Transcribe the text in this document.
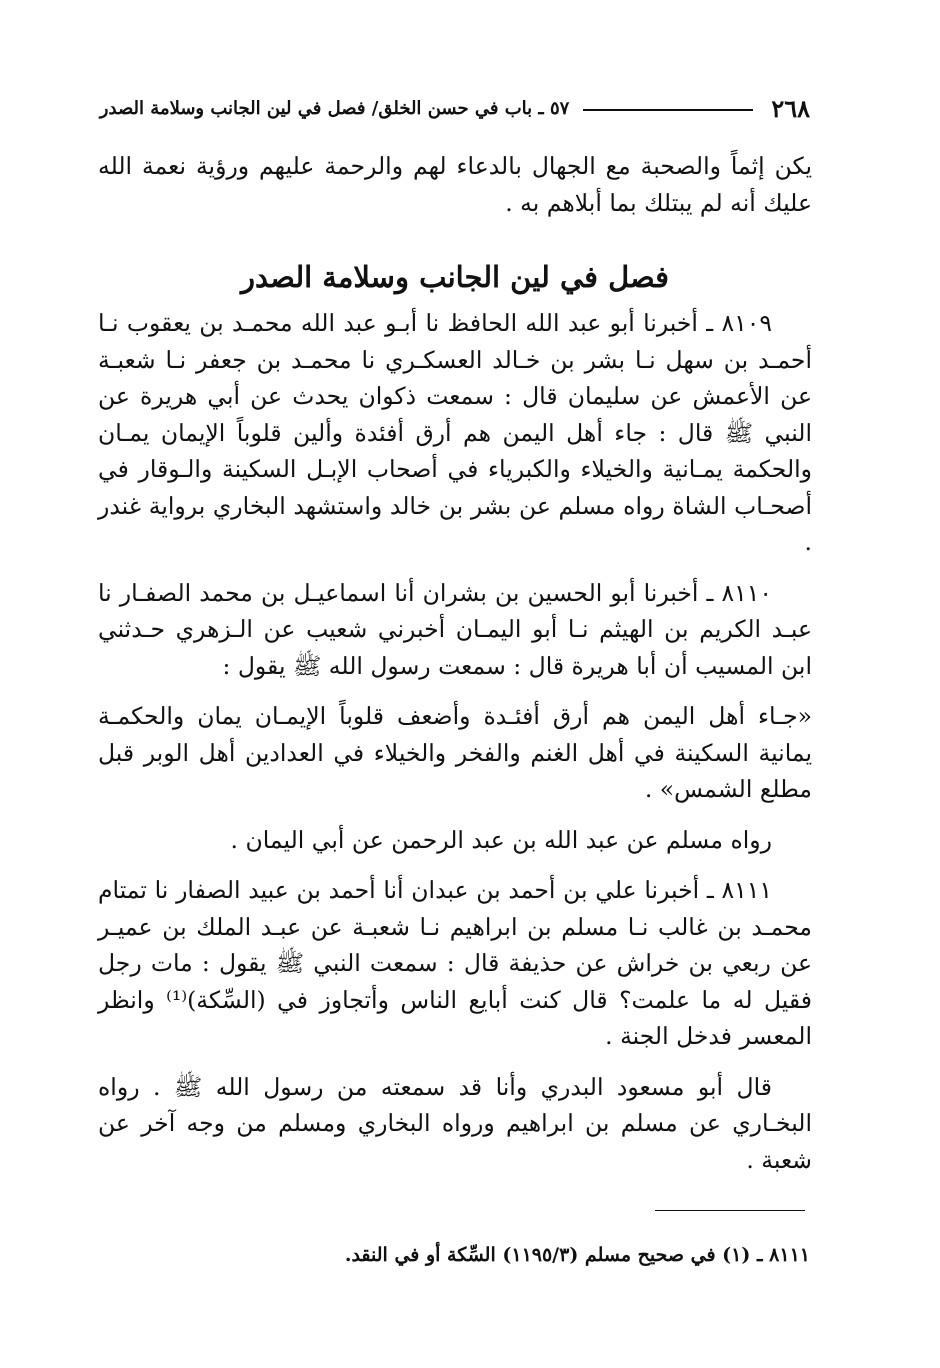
٢٦٨
٥٧ ـ باب في حسن الخلق/ فصل في لين الجانب وسلامة الصدر

يكن إثماً والصحبة مع الجهال بالدعاء لهم والرحمة عليهم ورؤية نعمة الله عليك أنه لم يبتلك بما أبلاهم به .

فصل في لين الجانب وسلامة الصدر

٨١٠٩ ـ أخبرنا أبو عبد الله الحافظ نا أبـو عبد الله محمـد بن يعقوب نـا أحمـد بن سهل نـا بشر بن خـالد العسكـري نا محمـد بن جعفر نـا شعبـة عن الأعمش عن سليمان قال : سمعت ذكوان يحدث عن أبي هريرة عن النبي ﷺ قال : جاء أهل اليمن هم أرق أفئدة وألين قلوباً الإيمان يمـان والحكمة يمـانية والخيلاء والكبرياء في أصحاب الإبـل السكينة والـوقار في أصحـاب الشاة رواه مسلم عن بشر بن خالد واستشهد البخاري برواية غندر .

٨١١٠ ـ أخبرنا أبو الحسين بن بشران أنا اسماعيـل بن محمد الصفـار نا عبـد الكريم بن الهيثم نـا أبو اليمـان أخبرني شعيب عن الـزهري حـدثني ابن المسيب أن أبا هريرة قال : سمعت رسول الله ﷺ يقول :

«جـاء أهل اليمن هم أرق أفئـدة وأضعف قلوباً الإيمـان يمان والحكمـة يمانية السكينة في أهل الغنم والفخر والخيلاء في العدادين أهل الوبر قبل مطلع الشمس» .

رواه مسلم عن عبد الله بن عبد الرحمن عن أبي اليمان .

٨١١١ ـ أخبرنا علي بن أحمد بن عبدان أنا أحمد بن عبيد الصفار نا تمتام محمـد بن غالب نـا مسلم بن ابراهيم نـا شعبـة عن عبـد الملك بن عميـر عن ربعي بن خراش عن حذيفة قال : سمعت النبي ﷺ يقول : مات رجل فقيل له ما علمت؟ قال كنت أبايع الناس وأتجاوز في (السِّكة)⁽¹⁾ وانظر المعسر فدخل الجنة .

قال أبو مسعود البدري وأنا قد سمعته من رسول الله ﷺ . رواه البخـاري عن مسلم بن ابراهيم ورواه البخاري ومسلم من وجه آخر عن شعبة .

٨١١١ ـ (١) في صحيح مسلم (١١٩٥/٣) السِّكة أو في النقد.
